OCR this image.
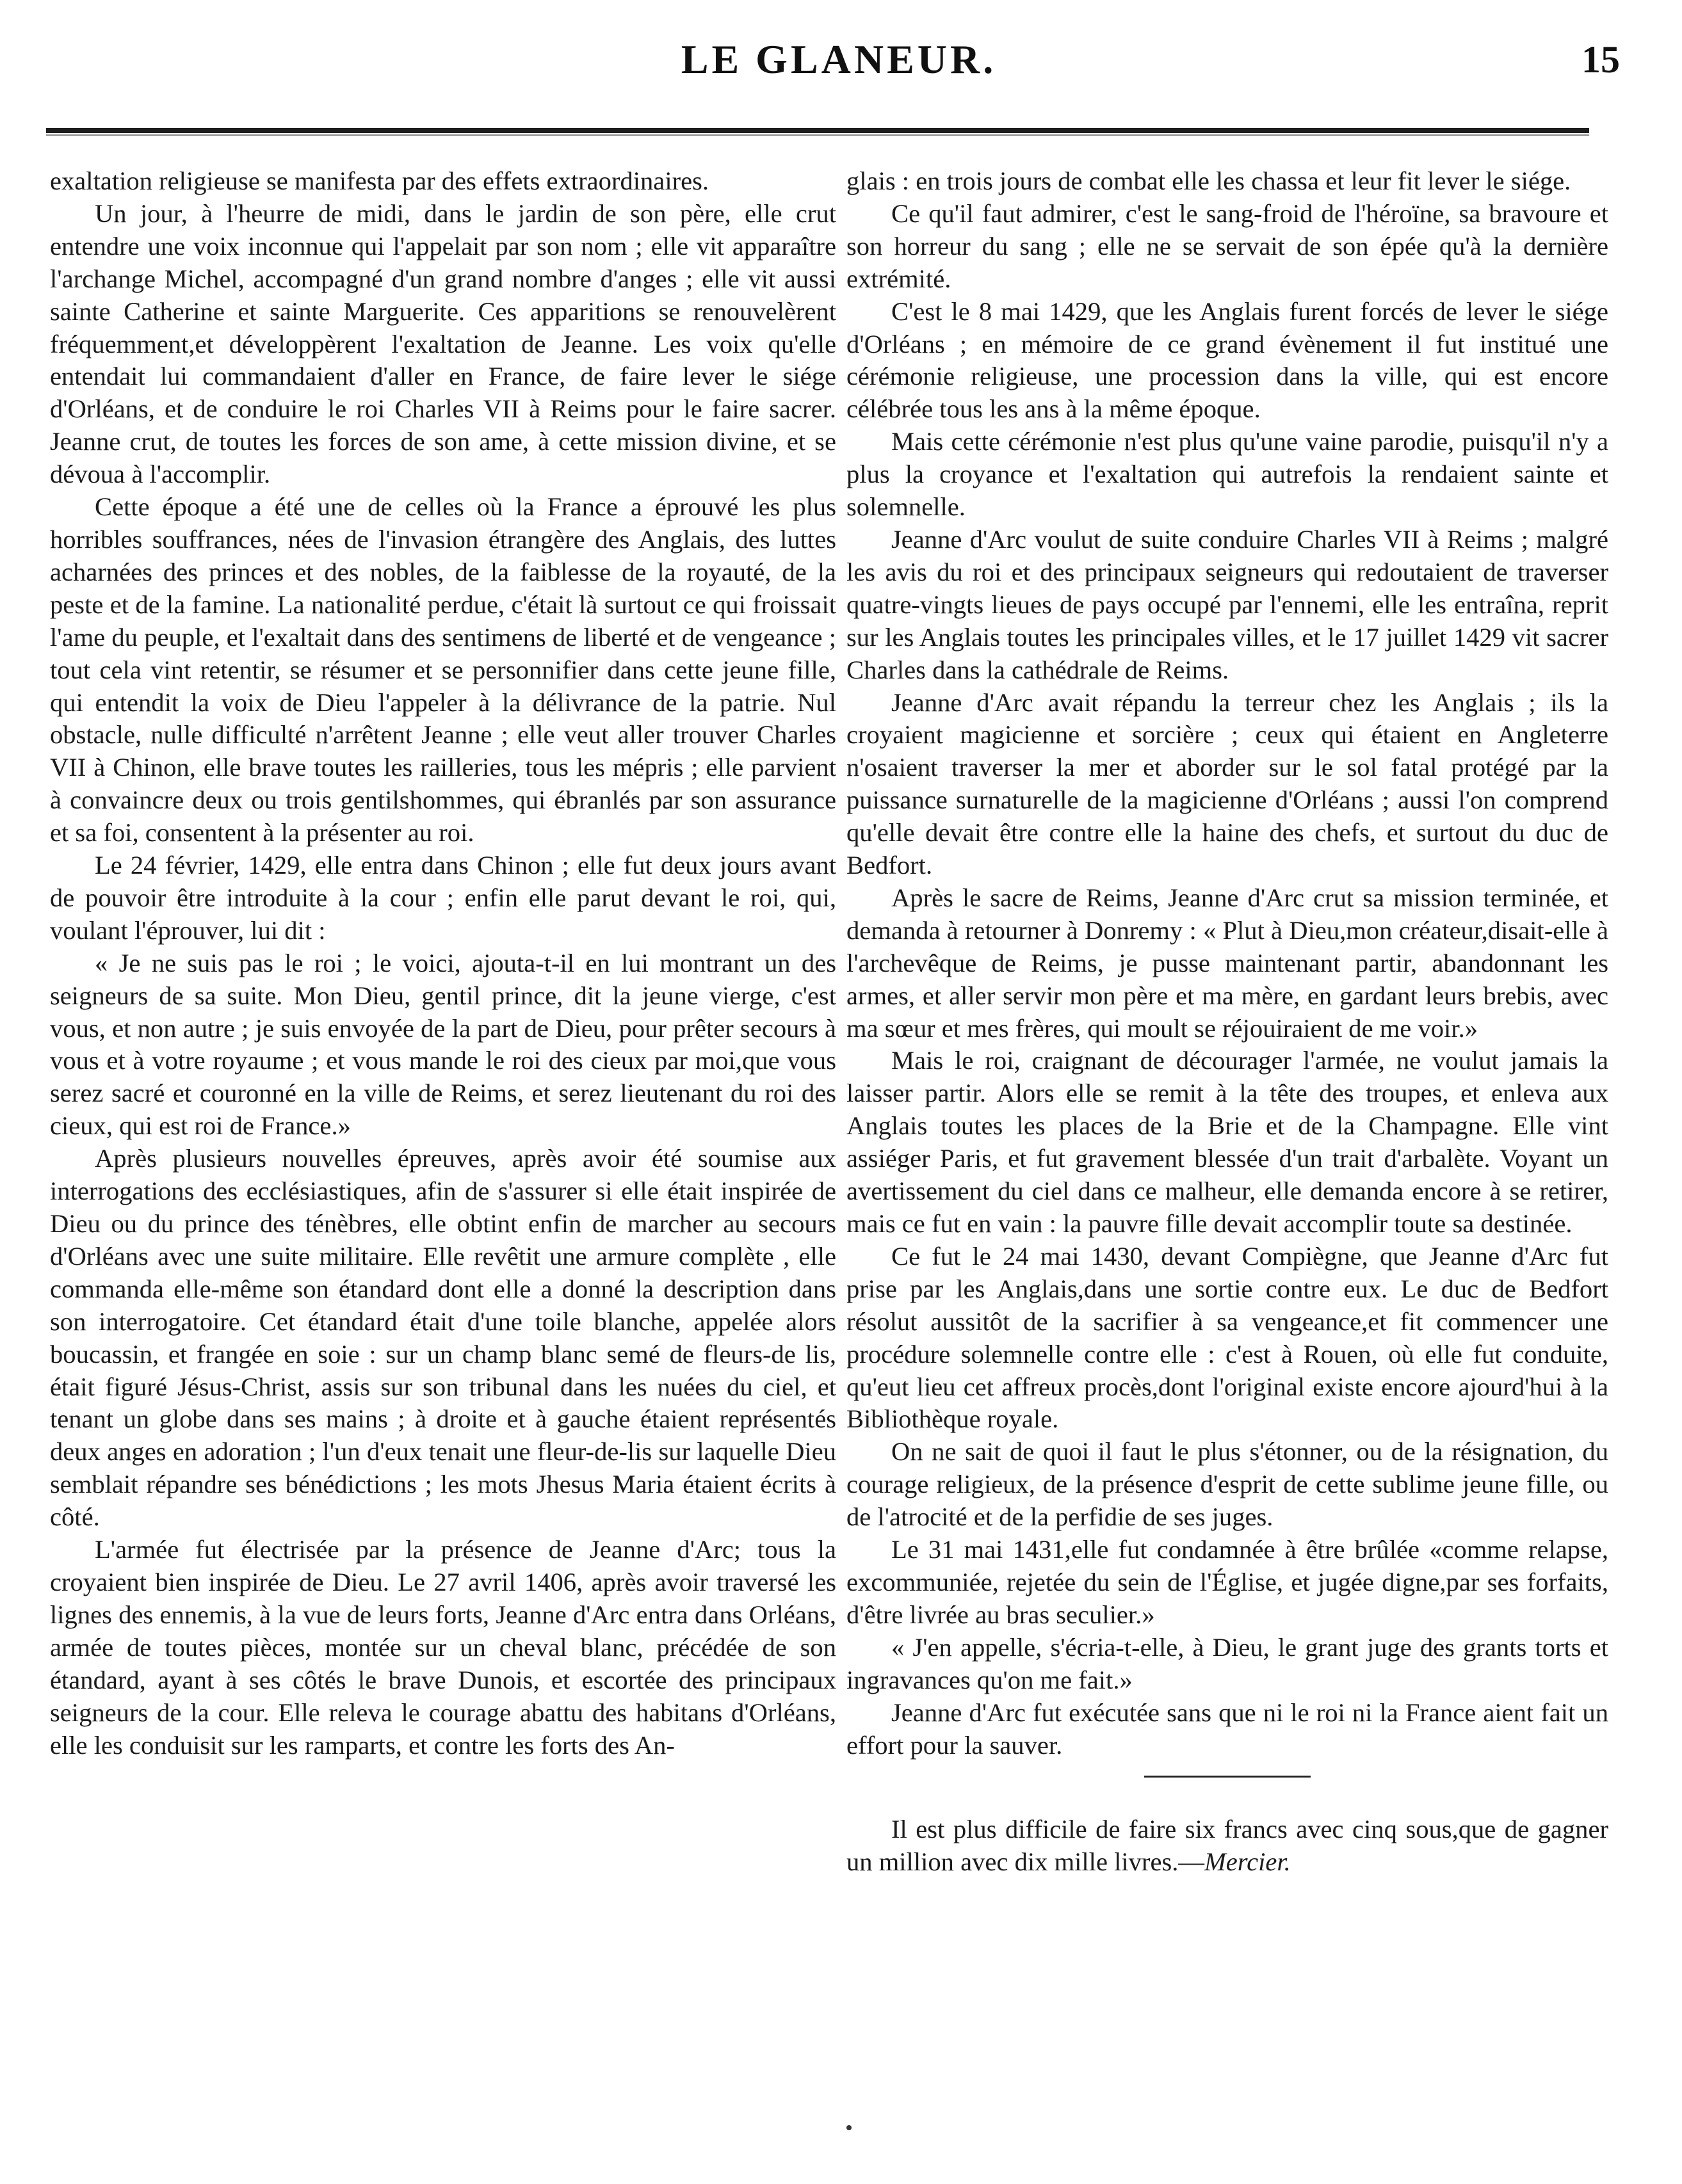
LE GLANEUR.	15

exaltation religieuse se manifesta par des effets extraordinaires.

Un jour, à l'heurre de midi, dans le jardin de son père, elle crut entendre une voix inconnue qui l'appelait par son nom ; elle vit apparaître l'archange Michel, accompagné d'un grand nombre d'anges ; elle vit aussi sainte Catherine et sainte Marguerite. Ces apparitions se renouvelèrent fréquemment,et développèrent l'exaltation de Jeanne. Les voix qu'elle entendait lui commandaient d'aller en France, de faire lever le siége d'Orléans, et de conduire le roi Charles VII à Reims pour le faire sacrer. Jeanne crut, de toutes les forces de son ame, à cette mission divine, et se dévoua à l'accomplir.

Cette époque a été une de celles où la France a éprouvé les plus horribles souffrances, nées de l'invasion étrangère des Anglais, des luttes acharnées des princes et des nobles, de la faiblesse de la royauté, de la peste et de la famine. La nationalité perdue, c'était là surtout ce qui froissait l'ame du peuple, et l'exaltait dans des sentimens de liberté et de vengeance ; tout cela vint retentir, se résumer et se personnifier dans cette jeune fille, qui entendit la voix de Dieu l'appeler à la délivrance de la patrie. Nul obstacle, nulle difficulté n'arrêtent Jeanne ; elle veut aller trouver Charles VII à Chinon, elle brave toutes les railleries, tous les mépris ; elle parvient à convaincre deux ou trois gentilshommes, qui ébranlés par son assurance et sa foi, consentent à la présenter au roi.

Le 24 février, 1429, elle entra dans Chinon ; elle fut deux jours avant de pouvoir être introduite à la cour ; enfin elle parut devant le roi, qui, voulant l'éprouver, lui dit :

« Je ne suis pas le roi ; le voici, ajouta-t-il en lui montrant un des seigneurs de sa suite. Mon Dieu, gentil prince, dit la jeune vierge, c'est vous, et non autre ; je suis envoyée de la part de Dieu, pour prêter secours à vous et à votre royaume ; et vous mande le roi des cieux par moi,que vous serez sacré et couronné en la ville de Reims, et serez lieutenant du roi des cieux, qui est roi de France.»

Après plusieurs nouvelles épreuves, après avoir été soumise aux interrogations des ecclésiastiques, afin de s'assurer si elle était inspirée de Dieu ou du prince des ténèbres, elle obtint enfin de marcher au secours d'Orléans avec une suite militaire. Elle revêtit une armure complète , elle commanda elle-même son étandard dont elle a donné la description dans son interrogatoire. Cet étandard était d'une toile blanche, appelée alors boucassin, et frangée en soie : sur un champ blanc semé de fleurs-de lis, était figuré Jésus-Christ, assis sur son tribunal dans les nuées du ciel, et tenant un globe dans ses mains ; à droite et à gauche étaient représentés deux anges en adoration ; l'un d'eux tenait une fleur-de-lis sur laquelle Dieu semblait répandre ses bénédictions ; les mots Jhesus Maria étaient écrits à côté.

L'armée fut électrisée par la présence de Jeanne d'Arc; tous la croyaient bien inspirée de Dieu. Le 27 avril 1406, après avoir traversé les lignes des ennemis, à la vue de leurs forts, Jeanne d'Arc entra dans Orléans, armée de toutes pièces, montée sur un cheval blanc, précédée de son étandard, ayant à ses côtés le brave Dunois, et escortée des principaux seigneurs de la cour. Elle releva le courage abattu des habitans d'Orléans, elle les conduisit sur les ramparts, et contre les forts des An-

glais : en trois jours de combat elle les chassa et leur fit lever le siége.

Ce qu'il faut admirer, c'est le sang-froid de l'héroïne, sa bravoure et son horreur du sang ; elle ne se servait de son épée qu'à la dernière extrémité.

C'est le 8 mai 1429, que les Anglais furent forcés de lever le siége d'Orléans ; en mémoire de ce grand évènement il fut institué une cérémonie religieuse, une procession dans la ville, qui est encore célébrée tous les ans à la même époque.

Mais cette cérémonie n'est plus qu'une vaine parodie, puisqu'il n'y a plus la croyance et l'exaltation qui autrefois la rendaient sainte et solemnelle.

Jeanne d'Arc voulut de suite conduire Charles VII à Reims ; malgré les avis du roi et des principaux seigneurs qui redoutaient de traverser quatre-vingts lieues de pays occupé par l'ennemi, elle les entraîna, reprit sur les Anglais toutes les principales villes, et le 17 juillet 1429 vit sacrer Charles dans la cathédrale de Reims.

Jeanne d'Arc avait répandu la terreur chez les Anglais ; ils la croyaient magicienne et sorcière ; ceux qui étaient en Angleterre n'osaient traverser la mer et aborder sur le sol fatal protégé par la puissance surnaturelle de la magicienne d'Orléans ; aussi l'on comprend qu'elle devait être contre elle la haine des chefs, et surtout du duc de Bedfort.

Après le sacre de Reims, Jeanne d'Arc crut sa mission terminée, et demanda à retourner à Donremy : « Plut à Dieu,mon créateur,disait-elle à l'archevêque de Reims, je pusse maintenant partir, abandonnant les armes, et aller servir mon père et ma mère, en gardant leurs brebis, avec ma sœur et mes frères, qui moult se réjouiraient de me voir.»

Mais le roi, craignant de décourager l'armée, ne voulut jamais la laisser partir. Alors elle se remit à la tête des troupes, et enleva aux Anglais toutes les places de la Brie et de la Champagne. Elle vint assiéger Paris, et fut gravement blessée d'un trait d'arbalète. Voyant un avertissement du ciel dans ce malheur, elle demanda encore à se retirer, mais ce fut en vain : la pauvre fille devait accomplir toute sa destinée.

Ce fut le 24 mai 1430, devant Compiègne, que Jeanne d'Arc fut prise par les Anglais,dans une sortie contre eux. Le duc de Bedfort résolut aussitôt de la sacrifier à sa vengeance,et fit commencer une procédure solemnelle contre elle : c'est à Rouen, où elle fut conduite, qu'eut lieu cet affreux procès,dont l'original existe encore ajourd'hui à la Bibliothèque royale.

On ne sait de quoi il faut le plus s'étonner, ou de la résignation, du courage religieux, de la présence d'esprit de cette sublime jeune fille, ou de l'atrocité et de la perfidie de ses juges.

Le 31 mai 1431,elle fut condamnée à être brûlée «comme relapse, excommuniée, rejetée du sein de l'Église, et jugée digne,par ses forfaits, d'être livrée au bras seculier.»

« J'en appelle, s'écria-t-elle, à Dieu, le grant juge des grants torts et ingravances qu'on me fait.»

Jeanne d'Arc fut exécutée sans que ni le roi ni la France aient fait un effort pour la sauver.

Il est plus difficile de faire six francs avec cinq sous,que de gagner un million avec dix mille livres.—Mercier.
